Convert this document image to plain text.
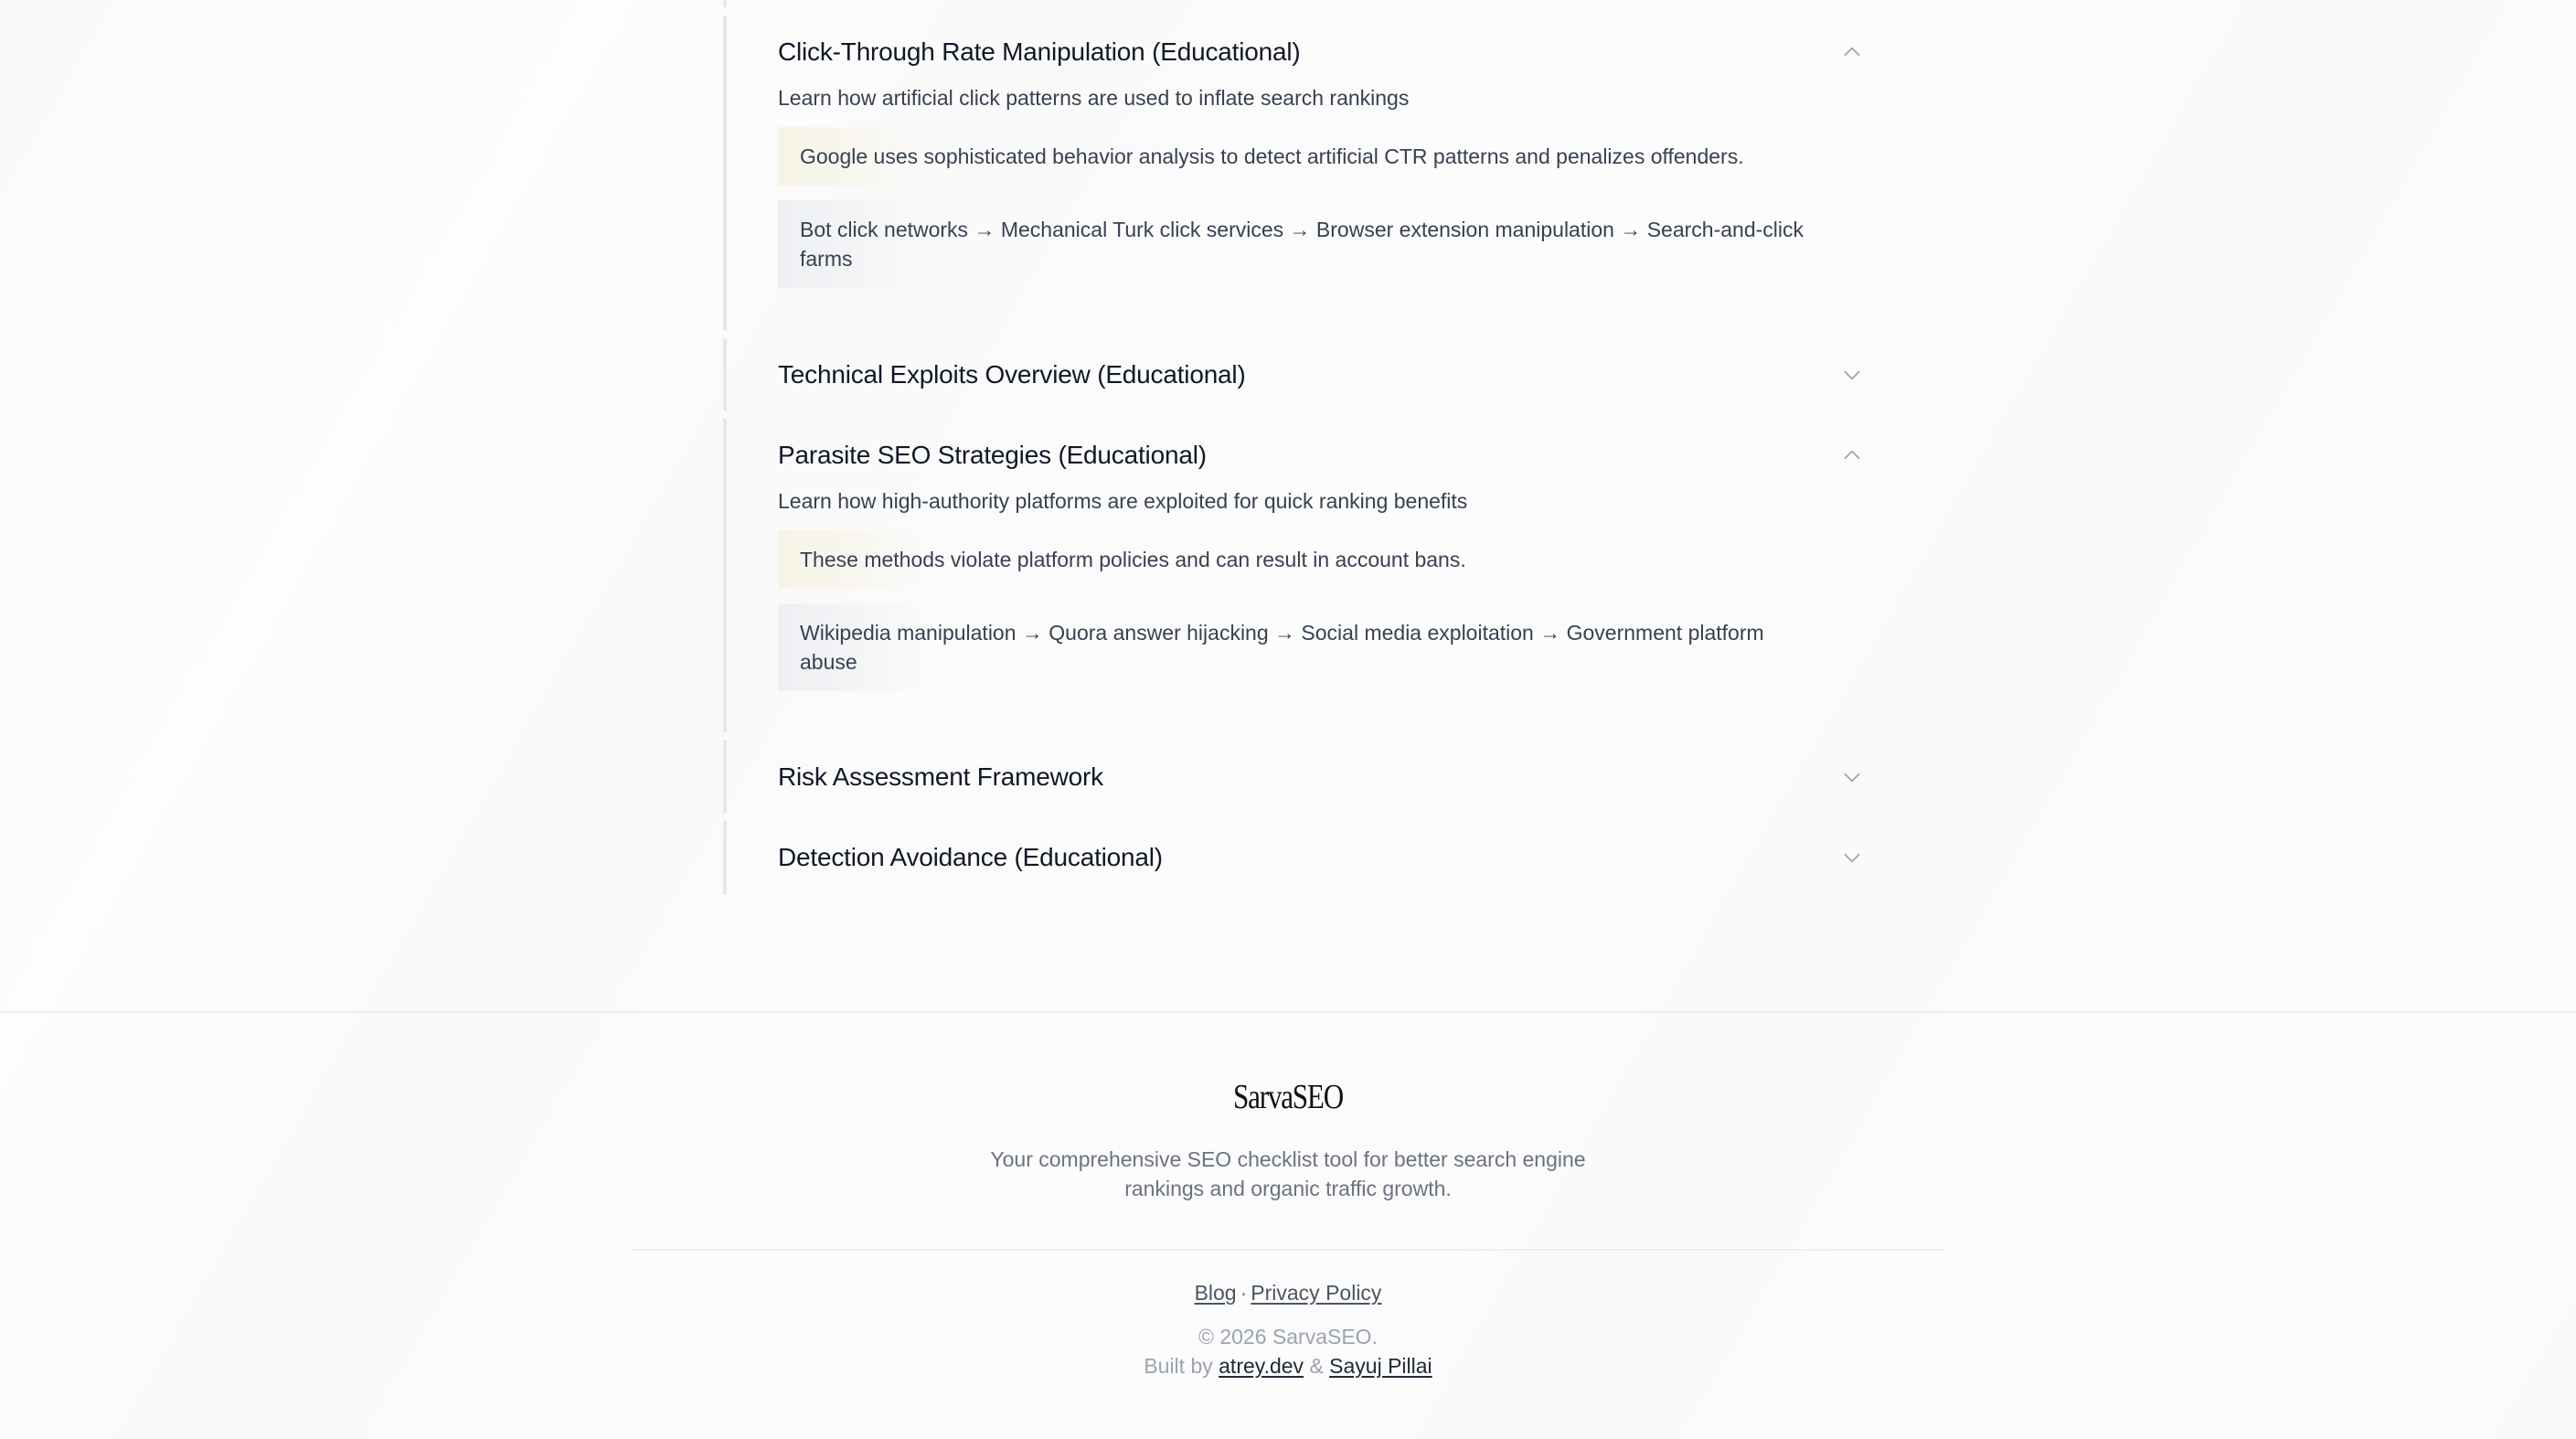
Click-Through Rate Manipulation (Educational)

Learn how artificial click patterns are used to inflate search rankings

Google uses sophisticated behavior analysis to detect artificial CTR patterns and penalizes offenders.
Bot click networks → Mechanical Turk click services → Browser extension manipulation → Search-and-click farms
Technical Exploits Overview (Educational)
Parasite SEO Strategies (Educational)

Learn how high-authority platforms are exploited for quick ranking benefits

These methods violate platform policies and can result in account bans.
Wikipedia manipulation → Quora answer hijacking → Social media exploitation → Government platform abuse
Risk Assessment Framework
Detection Avoidance (Educational)
SarvaSEO

Your comprehensive SEO checklist tool for better search engine rankings and organic traffic growth.

Blog · Privacy Policy
© 2026 SarvaSEO.
Built by atrey.dev & Sayuj Pillai
